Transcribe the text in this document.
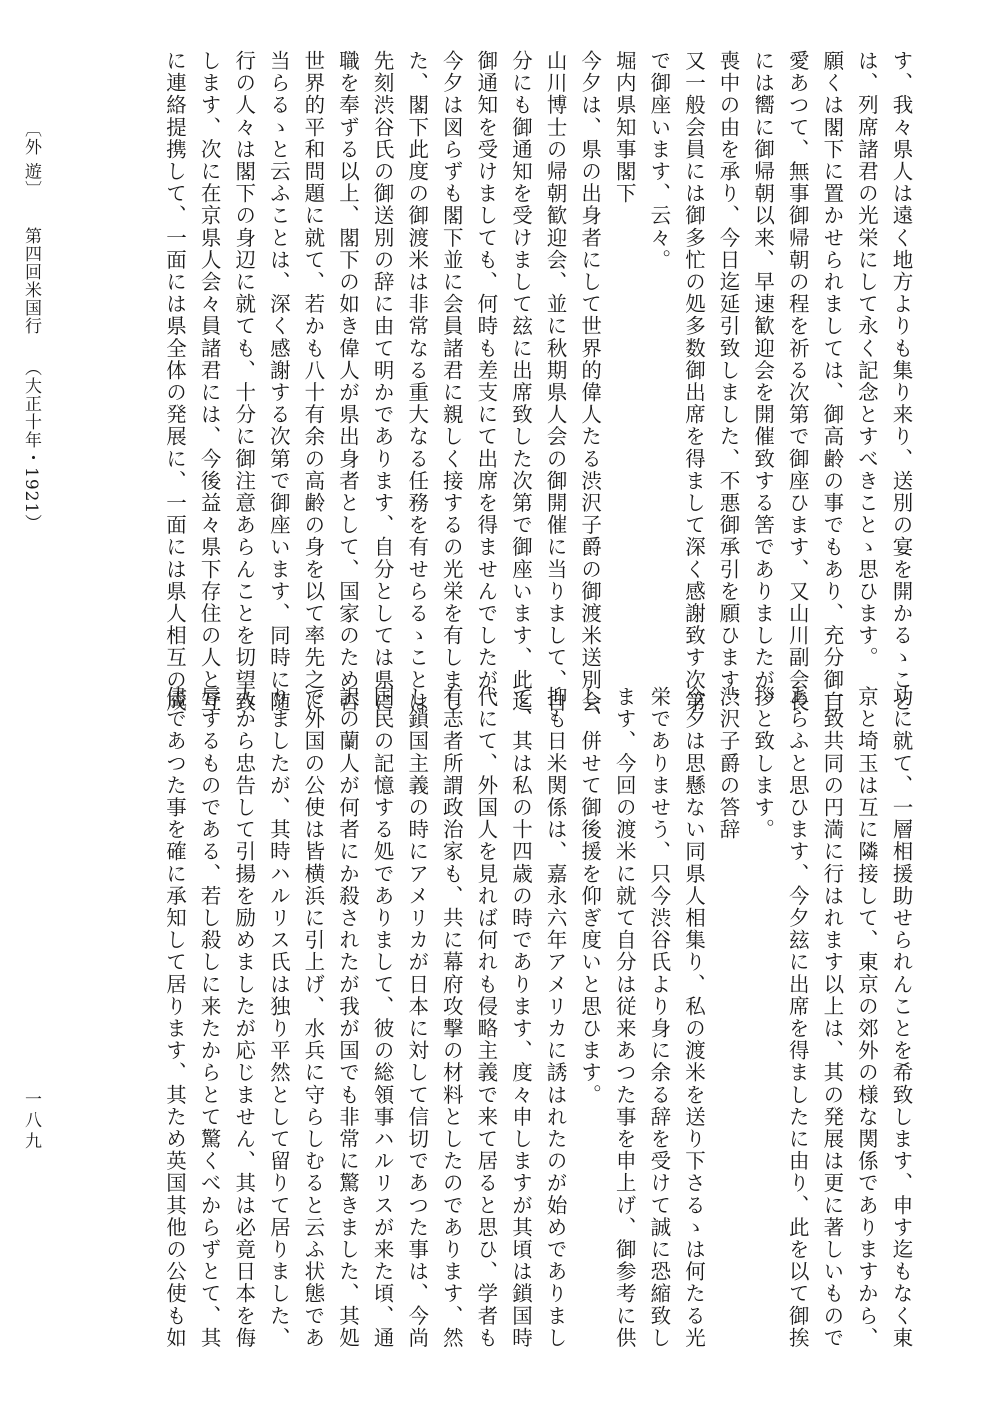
す、我々県人は遠く地方よりも集り来り、送別の宴を開かるゝこと
は、列席諸君の光栄にして永く記念とすべきことゝ思ひます。
願くは閣下に置かせられましては、御高齢の事でもあり、充分御自
愛あつて、無事御帰朝の程を祈る次第で御座ひます、又山川副会長
には嚮に御帰朝以来、早速歓迎会を開催致する筈でありましたが、
喪中の由を承り、今日迄延引致しました、不悪御承引を願ひます、
又一般会員には御多忙の処多数御出席を得まして深く感謝致す次第
で御座います、云々。
堀内県知事閣下
今夕は、県の出身者にして世界的偉人たる渋沢子爵の御渡米送別会
山川博士の帰朝歓迎会、並に秋期県人会の御開催に当りまして、自
分にも御通知を受けまして玆に出席致した次第で御座います、此迄
御通知を受けましても、何時も差支にて出席を得ませんでしたが、
今夕は図らずも閣下並に会員諸君に親しく接するの光栄を有しまし
た、閣下此度の御渡米は非常なる重大なる任務を有せらるゝことは
先刻渋谷氏の御送別の辞に由て明かであります、自分としては県に
職を奉ずる以上、閣下の如き偉人が県出身者として、国家のため否
世界的平和問題に就て、若かも八十有余の高齢の身を以て率先之に
当らるゝと云ふことは、深く感謝する次第で御座います、同時に随
行の人々は閣下の身辺に就ても、十分に御注意あらんことを切望致
します、次に在京県人会々員諸君には、今後益々県下存住の人と互
に連絡提携して、一面には県全体の発展に、一面には県人相互の成
功に就て、一層相援助せられんことを希致します、申す迄もなく東
京と埼玉は互に隣接して、東京の郊外の様な関係でありますから、
一致共同の円満に行はれます以上は、其の発展は更に著しいもので
あらふと思ひます、今夕玆に出席を得ましたに由り、此を以て御挨
拶と致します。
渋沢子爵の答辞
今夕は思懸ない同県人相集り、私の渡米を送り下さるゝは何たる光
栄でありませう、只今渋谷氏より身に余る辞を受けて誠に恐縮致し
ます、今回の渡米に就て自分は従来あつた事を申上げ、御参考に供
し、併せて御後援を仰ぎ度いと思ひます。
抑も日米関係は、嘉永六年アメリカに誘はれたのが始めでありまし
て、其は私の十四歳の時であります、度々申しますが其頃は鎖国時
代にて、外国人を見れば何れも侵略主義で来て居ると思ひ、学者も
有志者所謂政治家も、共に幕府攻撃の材料としたのであります、然
し鎖国主義の時にアメリカが日本に対して信切であつた事は、今尚
国民の記憶する処でありまして、彼の総領事ハルリスが来た頃、通
訳の蘭人が何者にか殺されたが我が国でも非常に驚きました、其処
で外国の公使は皆横浜に引上げ、水兵に守らしむると云ふ状態であ
りましたが、其時ハルリス氏は独り平然として留りて居りました、
人から忠告して引揚を励めましたが応じません、其は必竟日本を侮
辱するものである、若し殺しに来たからとて驚くべからずとて、其
儘であつた事を確に承知して居ります、其ため英国其他の公使も如
〔外 遊〕 第四回米国行 （大正十年・1921）
一八九
